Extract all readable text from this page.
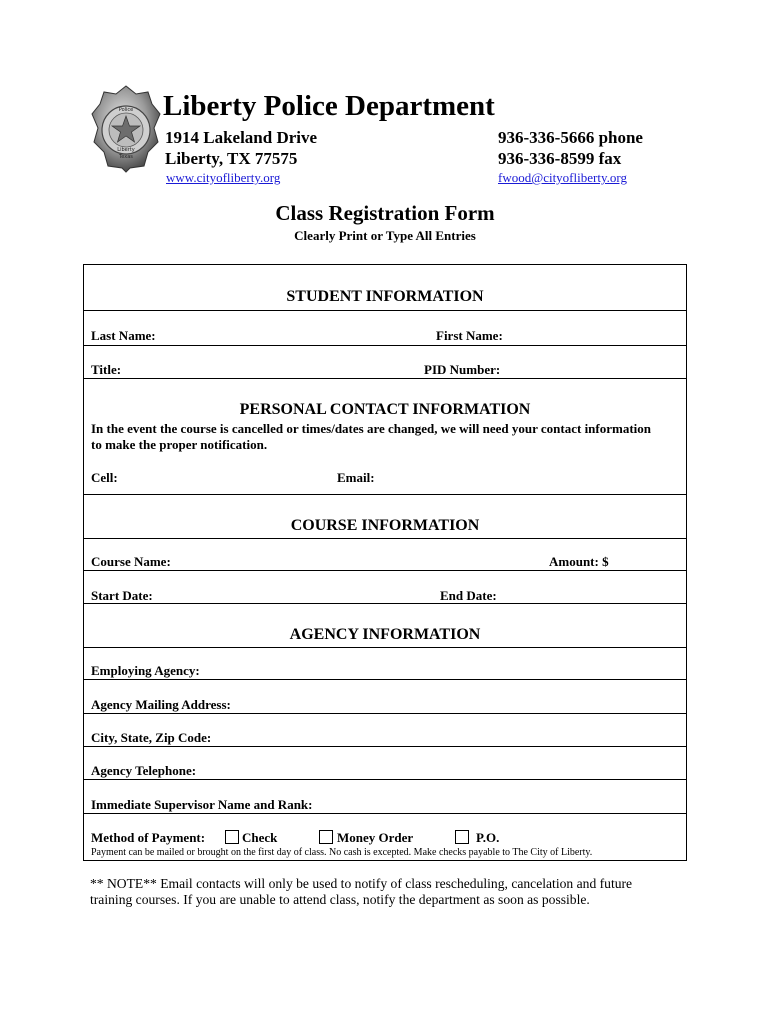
Police
Liberty
Texas
Liberty Police Department
1914 Lakeland Drive
Liberty, TX 77575
936-336-5666 phone
936-336-8599 fax
www.cityofliberty.org	fwood@cityofliberty.org
Class Registration Form
Clearly Print or Type All Entries
STUDENT INFORMATION
Last Name:	First Name:
Title:	PID Number:
PERSONAL CONTACT INFORMATION
In the event the course is cancelled or times/dates are changed, we will need your contact information to make the proper notification.
Cell:	Email:
COURSE INFORMATION
Course Name:	Amount: $
Start Date:	End Date:
AGENCY INFORMATION
Employing Agency:
Agency Mailing Address:
City, State, Zip Code:
Agency Telephone:
Immediate Supervisor Name and Rank:
Method of Payment:	Check	Money Order	P.O.
Payment can be mailed or brought on the first day of class. No cash is excepted. Make checks payable to The City of Liberty.
** NOTE** Email contacts will only be used to notify of class rescheduling, cancelation and future training courses. If you are unable to attend class, notify the department as soon as possible.
